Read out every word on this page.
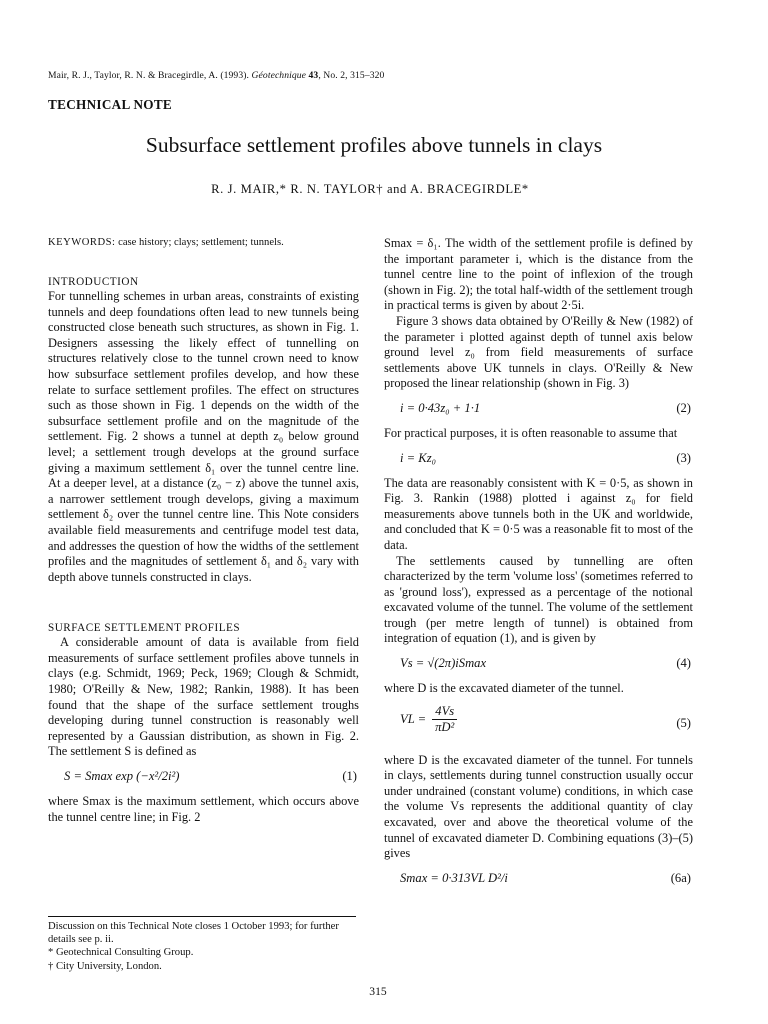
Mair, R. J., Taylor, R. N. & Bracegirdle, A. (1993). Géotechnique 43, No. 2, 315–320
TECHNICAL NOTE
Subsurface settlement profiles above tunnels in clays
R. J. MAIR,* R. N. TAYLOR† and A. BRACEGIRDLE*

KEYWORDS: case history; clays; settlement; tunnels.

INTRODUCTION

For tunnelling schemes in urban areas, constraints of existing tunnels and deep foundations often lead to new tunnels being constructed close beneath such structures, as shown in Fig. 1. Designers assessing the likely effect of tunnelling on structures relatively close to the tunnel crown need to know how subsurface settlement profiles develop, and how these relate to surface settlement profiles. The effect on structures such as those shown in Fig. 1 depends on the width of the subsurface settlement profile and on the magnitude of the settlement. Fig. 2 shows a tunnel at depth z₀ below ground level; a settlement trough develops at the ground surface giving a maximum settlement δ₁ over the tunnel centre line. At a deeper level, at a distance (z₀ − z) above the tunnel axis, a narrower settlement trough develops, giving a maximum settlement δ₂ over the tunnel centre line. This Note considers available field measurements and centrifuge model test data, and addresses the question of how the widths of the settlement profiles and the magnitudes of settlement δ₁ and δ₂ vary with depth above tunnels constructed in clays.

SURFACE SETTLEMENT PROFILES

A considerable amount of data is available from field measurements of surface settlement profiles above tunnels in clays (e.g. Schmidt, 1969; Peck, 1969; Clough & Schmidt, 1980; O'Reilly & New, 1982; Rankin, 1988). It has been found that the shape of the surface settlement troughs developing during tunnel construction is reasonably well represented by a Gaussian distribution, as shown in Fig. 2. The settlement S is defined as

S = Smax exp (−x²/2i²)	(1)

where Smax is the maximum settlement, which occurs above the tunnel centre line; in Fig. 2

Smax = δ₁. The width of the settlement profile is defined by the important parameter i, which is the distance from the tunnel centre line to the point of inflexion of the trough (shown in Fig. 2); the total half-width of the settlement trough in practical terms is given by about 2·5i.

Figure 3 shows data obtained by O'Reilly & New (1982) of the parameter i plotted against depth of tunnel axis below ground level z₀ from field measurements of surface settlements above UK tunnels in clays. O'Reilly & New proposed the linear relationship (shown in Fig. 3)

i = 0·43z₀ + 1·1	(2)

For practical purposes, it is often reasonable to assume that

i = Kz₀	(3)

The data are reasonably consistent with K = 0·5, as shown in Fig. 3. Rankin (1988) plotted i against z₀ for field measurements above tunnels both in the UK and worldwide, and concluded that K = 0·5 was a reasonable fit to most of the data.

The settlements caused by tunnelling are often characterized by the term 'volume loss' (sometimes referred to as 'ground loss'), expressed as a percentage of the notional excavated volume of the tunnel. The volume of the settlement trough (per metre length of tunnel) is obtained from integration of equation (1), and is given by

Vs = √(2π)iSmax	(4)

where D is the excavated diameter of the tunnel.

VL = $\frac{4Vs}{\text{πD²}}$	(5)

where D is the excavated diameter of the tunnel. For tunnels in clays, settlements during tunnel construction usually occur under undrained (constant volume) conditions, in which case the volume Vs represents the additional quantity of clay excavated, over and above the theoretical volume of the tunnel of excavated diameter D. Combining equations (3)–(5) gives

Smax = 0·313VL D²/i	(6a)

Discussion on this Technical Note closes 1 October 1993; for further details see p. ii.

* Geotechnical Consulting Group.

† City University, London.

315
